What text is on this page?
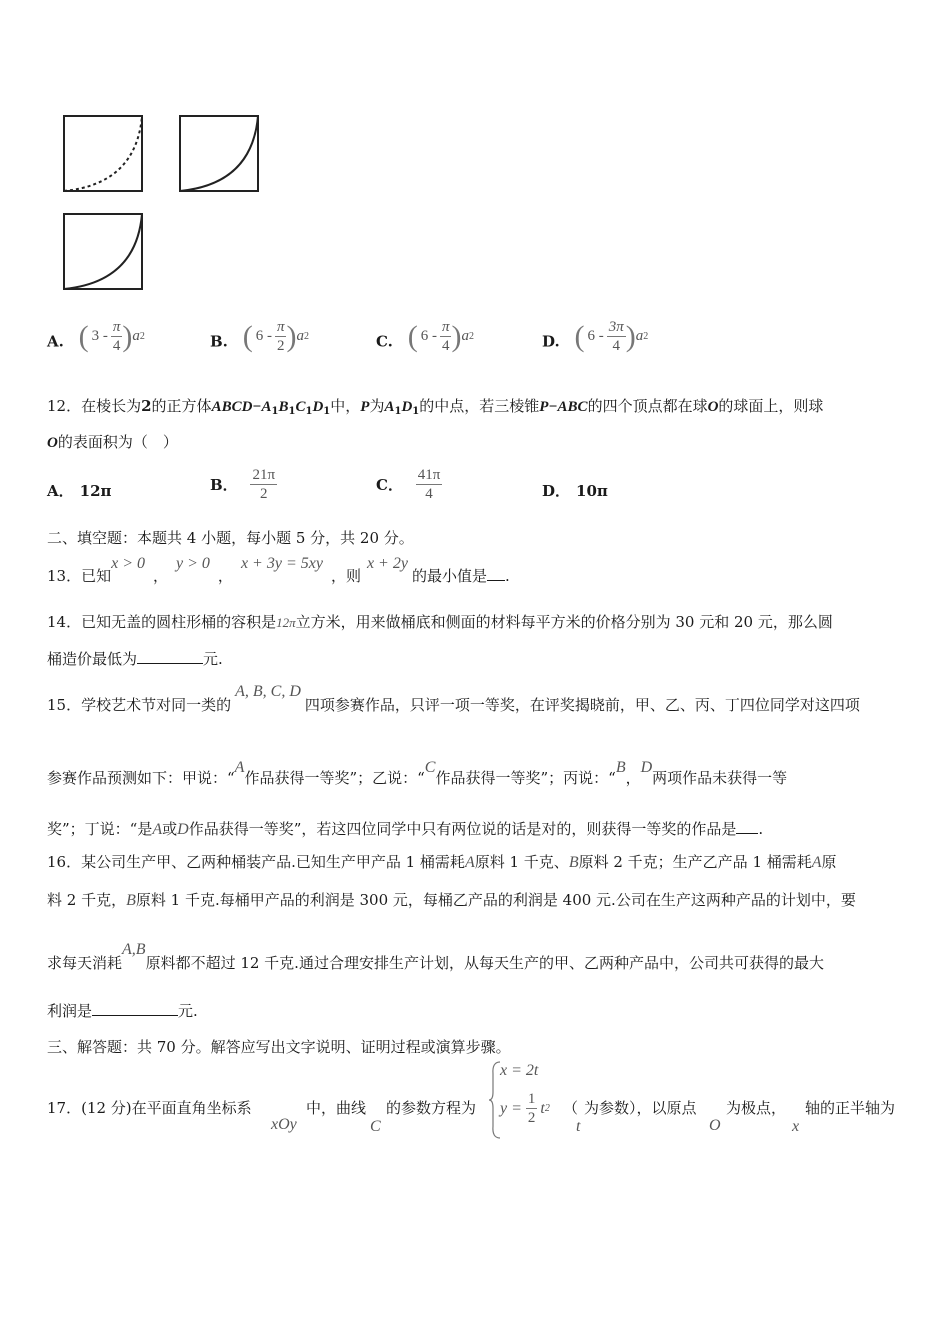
A. ( $3 - \frac{\pi}{4}$ ) a 2	B. ( $6 - \frac{\pi}{2}$ ) a 2	C. ( $6 - \frac{\pi}{4}$ ) a 2	D. ( $6 - \frac{3\pi}{4}$ ) a 2
12．在棱长为2的正方体$ABCD-A_1B_1C_1D_1$中，P为$A_1D_1$的中点，若三棱锥P−ABC的四个顶点都在球O的球面上，则球
O的表面积为（　）
A． 12π	B． $\frac{21\pi}{2}$	C． $\frac{41\pi}{4}$	D． 10π
二、填空题：本题共 4 小题，每小题 5 分，共 20 分。
13．已知x > 0，y > 0，x + 3y = 5xy，则x + 2y的最小值是 .
14．已知无盖的圆柱形桶的容积是12π立方米，用来做桶底和侧面的材料每平方米的价格分别为 30 元和 20 元，那么圆
桶造价最低为	元.
15．学校艺术节对同一类的A, B, C, D四项参赛作品，只评一项一等奖，在评奖揭晓前，甲、乙、丙、丁四位同学对这四项
参赛作品预测如下：甲说：“A作品获得一等奖”；乙说：“C作品获得一等奖”；丙说：“B，D两项作品未获得一等
奖”；丁说：“是A或D作品获得一等奖”，若这四位同学中只有两位说的话是对的，则获得一等奖的作品是 .
16．某公司生产甲、乙两种桶装产品.已知生产甲产品 1 桶需耗A原料 1 千克、B原料 2 千克；生产乙产品 1 桶需耗A原
料 2 千克，B原料 1 千克.每桶甲产品的利润是 300 元，每桶乙产品的利润是 400 元.公司在生产这两种产品的计划中，要
求每天消耗A,B原料都不超过 12 千克.通过合理安排生产计划，从每天生产的甲、乙两种产品中，公司共可获得的最大
利润是	元.
三、解答题：共 70 分。解答应写出文字说明、证明过程或演算步骤。
17．(12 分)在平面直角坐标系
xOy
中，曲线
C
的参数方程为
x = 2t
$y = \frac{1}{2}$ t 2 （
t
为参数），以原点
O
为极点，
x
轴的正半轴为
